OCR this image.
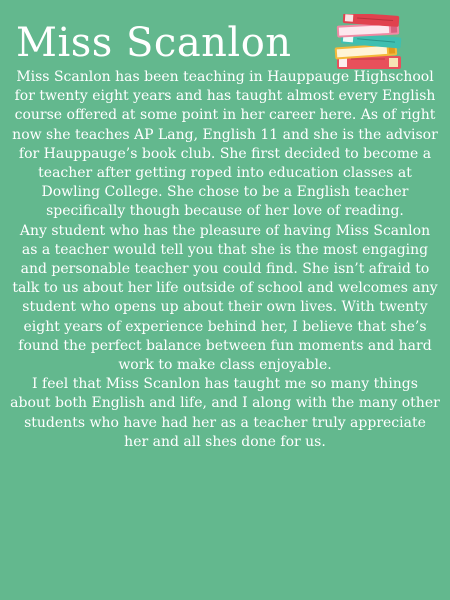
Miss Scanlon

Miss Scanlon has been teaching in Hauppauge Highschool for twenty eight years and has taught almost every English course offered at some point in her career here. As of right now she teaches AP Lang, English 11 and she is the advisor for Hauppauge’s book club. She first decided to become a teacher after getting roped into education classes at Dowling College. She chose to be a English teacher specifically though because of her love of reading.

Any student who has the pleasure of having Miss Scanlon as a teacher would tell you that she is the most engaging and personable teacher you could find. She isn’t afraid to talk to us about her life outside of school and welcomes any student who opens up about their own lives. With twenty eight years of experience behind her, I believe that she’s found the perfect balance between fun moments and hard work to make class enjoyable.

I feel that Miss Scanlon has taught me so many things about both English and life, and I along with the many other students who have had her as a teacher truly appreciate her and all shes done for us.
